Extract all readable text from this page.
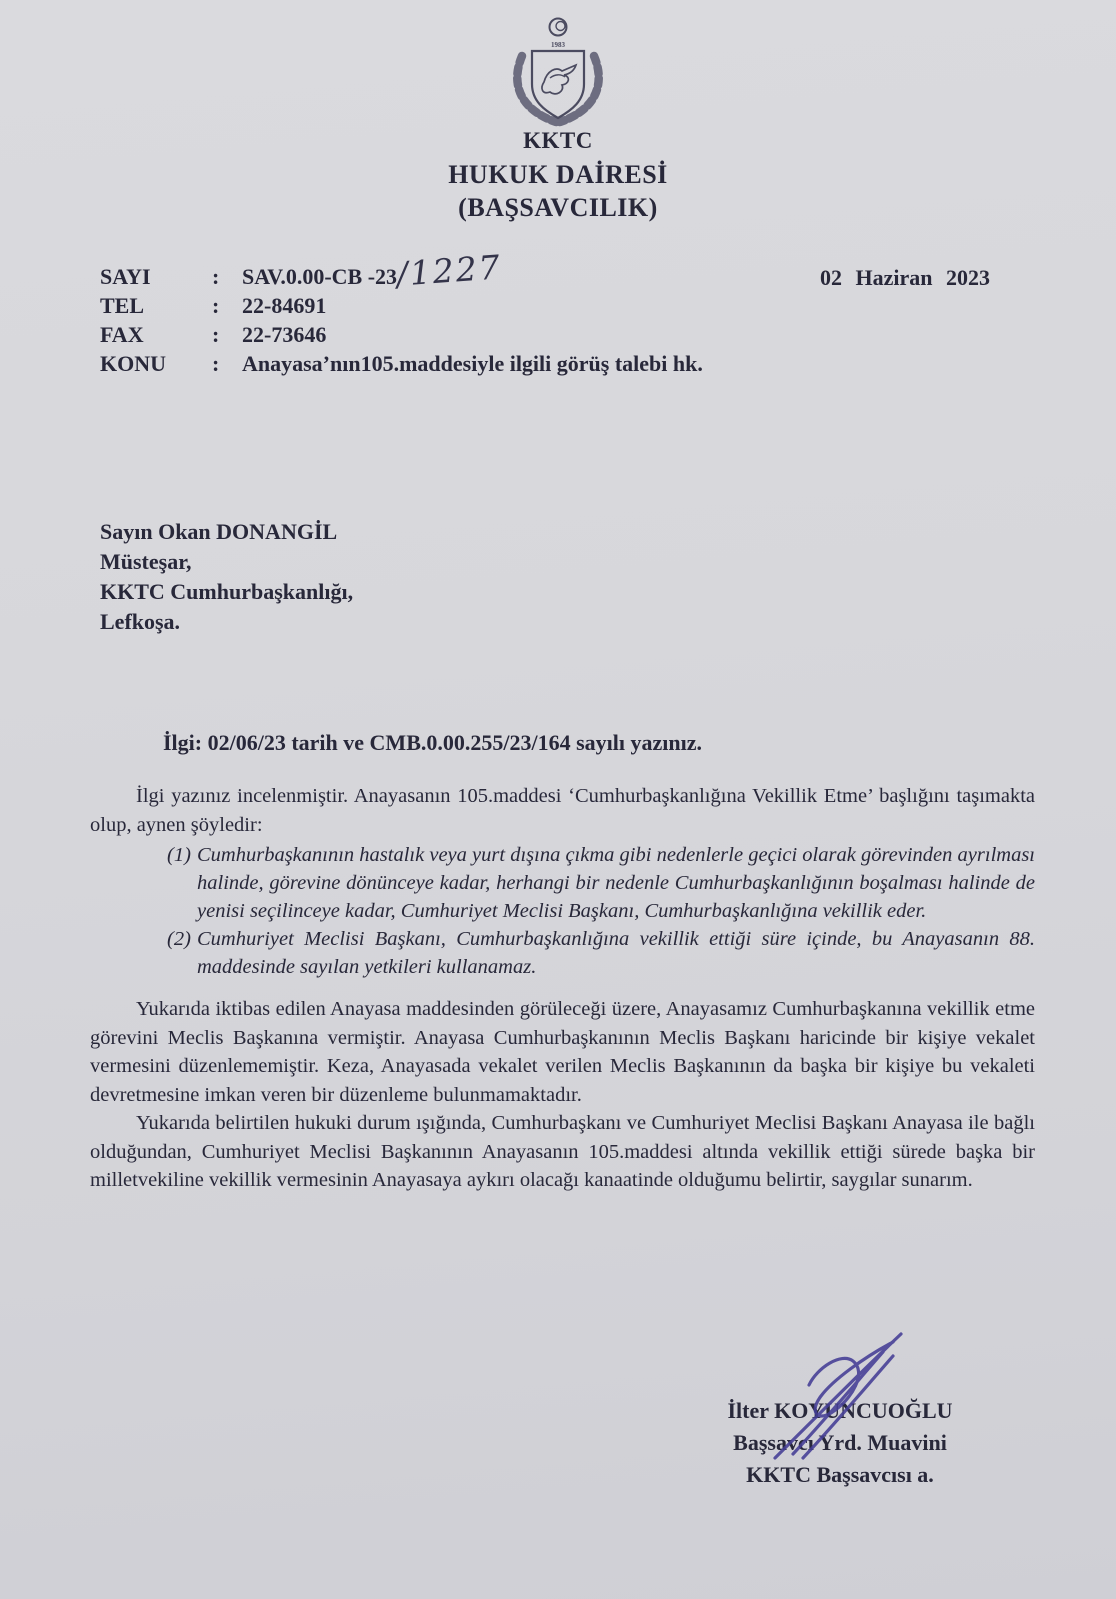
1983
KKTC
HUKUK DAİRESİ
(BAŞSAVCILIK)
SAYI	:	SAV.0.00-CB -23
/1227
TEL	:	22-84691
FAX	:	22-73646
KONU	:	Anayasa’nın105.maddesiyle ilgili görüş talebi hk.
02 Haziran 2023
Sayın Okan DONANGİL
Müsteşar,
KKTC Cumhurbaşkanlığı,
Lefkoşa.
İlgi: 02/06/23 tarih ve CMB.0.00.255/23/164 sayılı yazınız.

İlgi yazınız incelenmiştir. Anayasanın 105.maddesi ‘Cumhurbaşkanlığına Vekillik Etme’ başlığını taşımakta olup, aynen şöyledir:

(1) Cumhurbaşkanının hastalık veya yurt dışına çıkma gibi nedenlerle geçici olarak görevinden ayrılması halinde, görevine dönünceye kadar, herhangi bir nedenle Cumhurbaşkanlığının boşalması halinde de yenisi seçilinceye kadar, Cumhuriyet Meclisi Başkanı, Cumhurbaşkanlığına vekillik eder.
(2) Cumhuriyet Meclisi Başkanı, Cumhurbaşkanlığına vekillik ettiği süre içinde, bu Anayasanın 88. maddesinde sayılan yetkileri kullanamaz.

Yukarıda iktibas edilen Anayasa maddesinden görüleceği üzere, Anayasamız Cumhurbaşkanına vekillik etme görevini Meclis Başkanına vermiştir. Anayasa Cumhurbaşkanının Meclis Başkanı haricinde bir kişiye vekalet vermesini düzenlememiştir. Keza, Anayasada vekalet verilen Meclis Başkanının da başka bir kişiye bu vekaleti devretmesine imkan veren bir düzenleme bulunmamaktadır.

Yukarıda belirtilen hukuki durum ışığında, Cumhurbaşkanı ve Cumhuriyet Meclisi Başkanı Anayasa ile bağlı olduğundan, Cumhuriyet Meclisi Başkanının Anayasanın 105.maddesi altında vekillik ettiği sürede başka bir milletvekiline vekillik vermesinin Anayasaya aykırı olacağı kanaatinde olduğumu belirtir, saygılar sunarım.

İlter KOYUNCUOĞLU
Başsavcı Yrd. Muavini
KKTC Başsavcısı a.
